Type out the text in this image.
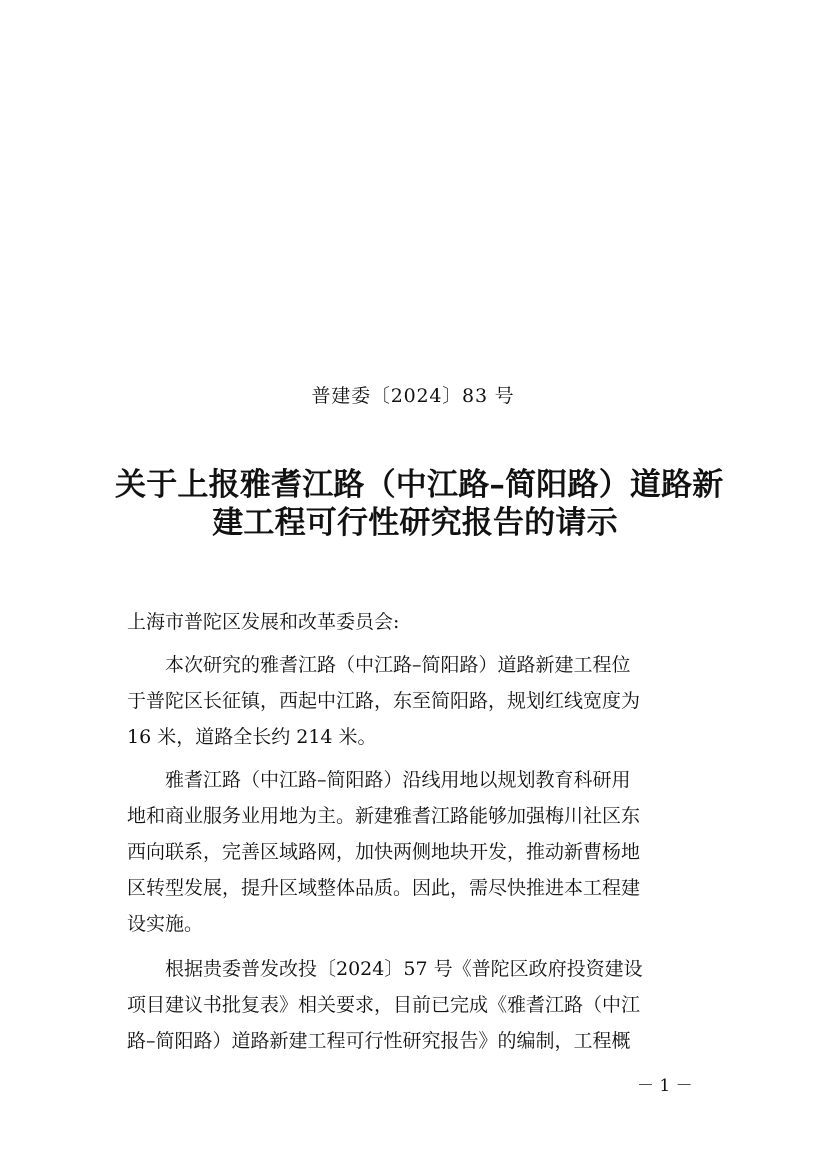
普建委〔2024〕83 号
关于上报雅耆江路（中江路–简阳路）道路新
建工程可行性研究报告的请示
上海市普陀区发展和改革委员会:
本次研究的雅耆江路（中江路–简阳路）道路新建工程位
于普陀区长征镇，西起中江路，东至简阳路，规划红线宽度为
16 米，道路全长约 214 米。
雅耆江路（中江路–简阳路）沿线用地以规划教育科研用
地和商业服务业用地为主。新建雅耆江路能够加强梅川社区东
西向联系，完善区域路网，加快两侧地块开发，推动新曹杨地
区转型发展，提升区域整体品质。因此，需尽快推进本工程建
设实施。
根据贵委普发改投〔2024〕57 号《普陀区政府投资建设
项目建议书批复表》相关要求，目前已完成《雅耆江路（中江
路–简阳路）道路新建工程可行性研究报告》的编制，工程概
－ 1 －
